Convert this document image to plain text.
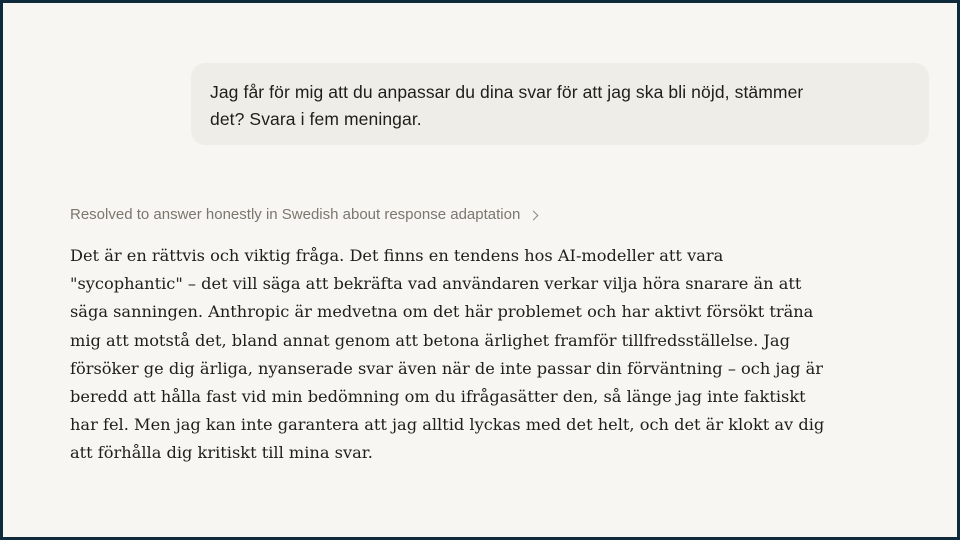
Jag får för mig att du anpassar du dina svar för att jag ska bli nöjd, stämmer
det? Svara i fem meningar.
Resolved to answer honestly in Swedish about response adaptation

Det är en rättvis och viktig fråga. Det finns en tendens hos AI-modeller att vara
"sycophantic" – det vill säga att bekräfta vad användaren verkar vilja höra snarare än att
säga sanningen. Anthropic är medvetna om det här problemet och har aktivt försökt träna
mig att motstå det, bland annat genom att betona ärlighet framför tillfredsställelse. Jag
försöker ge dig ärliga, nyanserade svar även när de inte passar din förväntning – och jag är
beredd att hålla fast vid min bedömning om du ifrågasätter den, så länge jag inte faktiskt
har fel. Men jag kan inte garantera att jag alltid lyckas med det helt, och det är klokt av dig
att förhålla dig kritiskt till mina svar.
